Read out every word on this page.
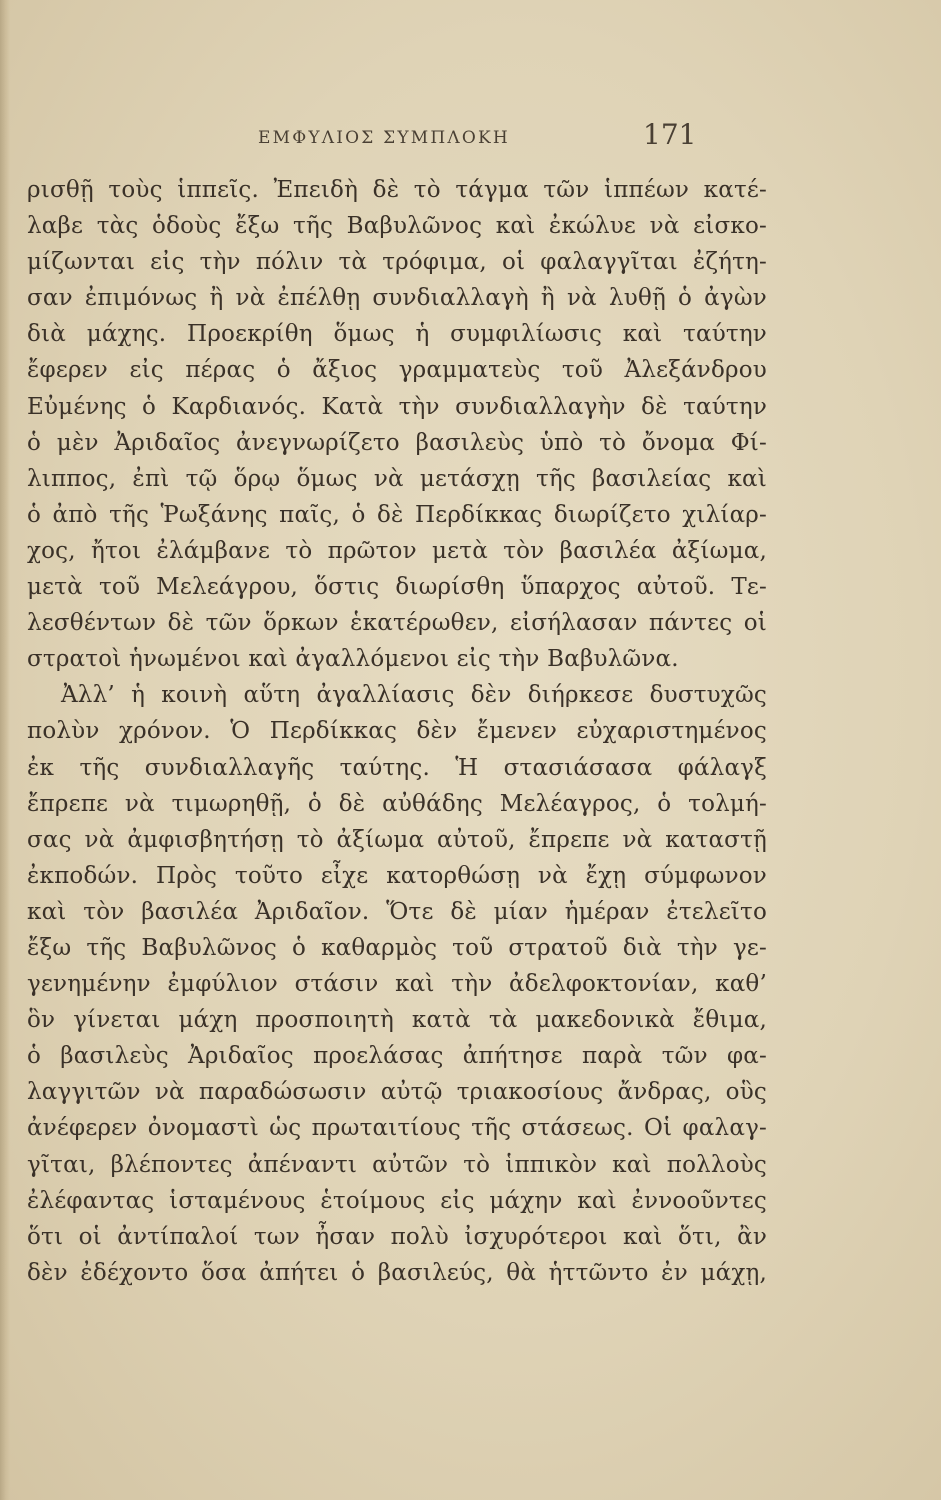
ΕΜΦΥΛΙΟΣ ΣΥΜΠΛΟΚΗ	171
ρισθῇ τοὺς ἱππεῖς. Ἐπειδὴ δὲ τὸ τάγμα τῶν ἱππέων κατέ-
λαβε τὰς ὁδοὺς ἔξω τῆς Βαβυλῶνος καὶ ἐκώλυε νὰ εἰσκο-
μίζωνται εἰς τὴν πόλιν τὰ τρόφιμα, οἱ φαλαγγῖται ἐζήτη-
σαν ἐπιμόνως ἢ νὰ ἐπέλθῃ συνδιαλλαγὴ ἢ νὰ λυθῇ ὁ ἀγὼν
διὰ μάχης. Προεκρίθη ὅμως ἡ συμφιλίωσις καὶ ταύτην
ἔφερεν εἰς πέρας ὁ ἄξιος γραμματεὺς τοῦ Ἀλεξάνδρου
Εὐμένης ὁ Καρδιανός. Κατὰ τὴν συνδιαλλαγὴν δὲ ταύτην
ὁ μὲν Ἀριδαῖος ἀνεγνωρίζετο βασιλεὺς ὑπὸ τὸ ὄνομα Φί-
λιππος, ἐπὶ τῷ ὅρῳ ὅμως νὰ μετάσχῃ τῆς βασιλείας καὶ
ὁ ἀπὸ τῆς Ῥωξάνης παῖς, ὁ δὲ Περδίκκας διωρίζετο χιλίαρ-
χος, ἤτοι ἐλάμβανε τὸ πρῶτον μετὰ τὸν βασιλέα ἀξίωμα,
μετὰ τοῦ Μελεάγρου, ὅστις διωρίσθη ὕπαρχος αὐτοῦ. Τε-
λεσθέντων δὲ τῶν ὅρκων ἑκατέρωθεν, εἰσήλασαν πάντες οἱ
στρατοὶ ἡνωμένοι καὶ ἀγαλλόμενοι εἰς τὴν Βαβυλῶνα.
Ἀλλ’ ἡ κοινὴ αὕτη ἀγαλλίασις δὲν διήρκεσε δυστυχῶς
πολὺν χρόνον. Ὁ Περδίκκας δὲν ἔμενεν εὐχαριστημένος
ἐκ τῆς συνδιαλλαγῆς ταύτης. Ἡ στασιάσασα φάλαγξ
ἔπρεπε νὰ τιμωρηθῇ, ὁ δὲ αὐθάδης Μελέαγρος, ὁ τολμή-
σας νὰ ἀμφισβητήσῃ τὸ ἀξίωμα αὐτοῦ, ἔπρεπε νὰ καταστῇ
ἐκποδών. Πρὸς τοῦτο εἶχε κατορθώσῃ νὰ ἔχῃ σύμφωνον
καὶ τὸν βασιλέα Ἀριδαῖον. Ὅτε δὲ μίαν ἡμέραν ἐτελεῖτο
ἔξω τῆς Βαβυλῶνος ὁ καθαρμὸς τοῦ στρατοῦ διὰ τὴν γε-
γενημένην ἐμφύλιον στάσιν καὶ τὴν ἀδελφοκτονίαν, καθ’
ὃν γίνεται μάχη προσποιητὴ κατὰ τὰ μακεδονικὰ ἔθιμα,
ὁ βασιλεὺς Ἀριδαῖος προελάσας ἀπήτησε παρὰ τῶν φα-
λαγγιτῶν νὰ παραδώσωσιν αὐτῷ τριακοσίους ἄνδρας, οὓς
ἀνέφερεν ὀνομαστὶ ὡς πρωταιτίους τῆς στάσεως. Οἱ φαλαγ-
γῖται, βλέποντες ἀπέναντι αὐτῶν τὸ ἱππικὸν καὶ πολλοὺς
ἐλέφαντας ἱσταμένους ἑτοίμους εἰς μάχην καὶ ἐννοοῦντες
ὅτι οἱ ἀντίπαλοί των ἦσαν πολὺ ἰσχυρότεροι καὶ ὅτι, ἂν
δὲν ἐδέχοντο ὅσα ἀπήτει ὁ βασιλεύς, θὰ ἡττῶντο ἐν μάχῃ,
